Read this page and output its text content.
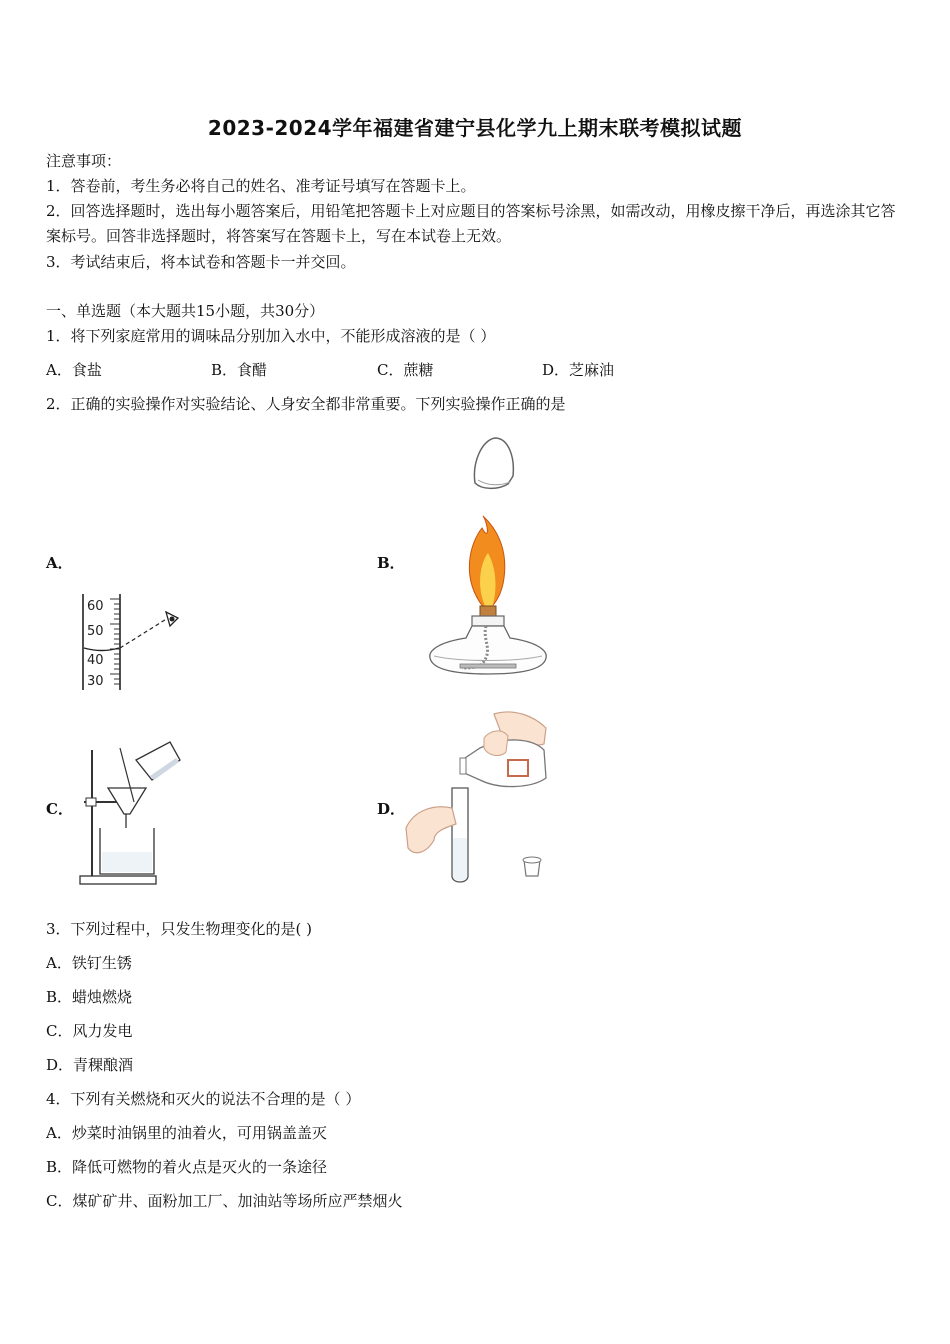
2023-2024学年福建省建宁县化学九上期末联考模拟试题
注意事项：
1．答卷前，考生务必将自己的姓名、准考证号填写在答题卡上。
2．回答选择题时，选出每小题答案后，用铅笔把答题卡上对应题目的答案标号涂黑，如需改动，用橡皮擦干净后，再选涂其它答案标号。回答非选择题时，将答案写在答题卡上，写在本试卷上无效。
3．考试结束后，将本试卷和答题卡一并交回。
一、单选题（本大题共15小题，共30分）
1．将下列家庭常用的调味品分别加入水中，不能形成溶液的是（ ）
A．食盐	B．食醋	C．蔗糖	D．芝麻油
2．正确的实验操作对实验结论、人身安全都非常重要。下列实验操作正确的是
A．	B．
C．	D．
60
50
40
30
3．下列过程中，只发生物理变化的是( )
A．铁钉生锈
B．蜡烛燃烧
C．风力发电
D．青稞酿酒
4．下列有关燃烧和灭火的说法不合理的是（ ）
A．炒菜时油锅里的油着火，可用锅盖盖灭
B．降低可燃物的着火点是灭火的一条途径
C．煤矿矿井、面粉加工厂、加油站等场所应严禁烟火
